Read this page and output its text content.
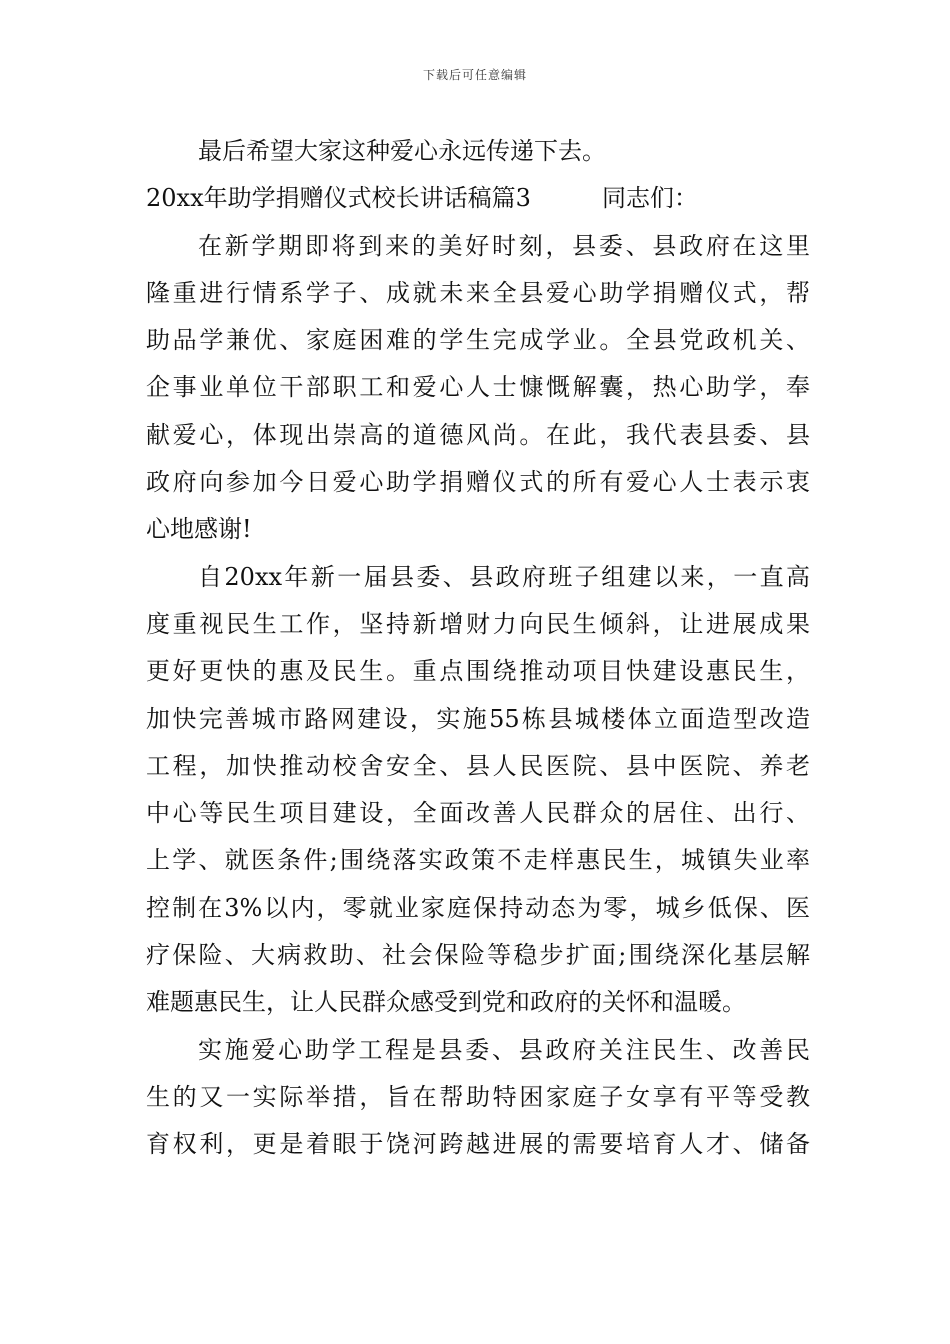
下载后可任意编辑
最后希望大家这种爱心永远传递下去。
20xx年助学捐赠仪式校长讲话稿篇3	同志们：
在新学期即将到来的美好时刻，县委、县政府在这里
隆重进行情系学子、成就未来全县爱心助学捐赠仪式，帮
助品学兼优、家庭困难的学生完成学业。全县党政机关、
企事业单位干部职工和爱心人士慷慨解囊，热心助学，奉
献爱心，体现出崇高的道德风尚。在此，我代表县委、县
政府向参加今日爱心助学捐赠仪式的所有爱心人士表示衷
心地感谢!
自20xx年新一届县委、县政府班子组建以来，一直高
度重视民生工作，坚持新增财力向民生倾斜，让进展成果
更好更快的惠及民生。重点围绕推动项目快建设惠民生，
加快完善城市路网建设，实施55栋县城楼体立面造型改造
工程，加快推动校舍安全、县人民医院、县中医院、养老
中心等民生项目建设，全面改善人民群众的居住、出行、
上学、就医条件;围绕落实政策不走样惠民生，城镇失业率
控制在3%以内，零就业家庭保持动态为零，城乡低保、医
疗保险、大病救助、社会保险等稳步扩面;围绕深化基层解
难题惠民生，让人民群众感受到党和政府的关怀和温暖。
实施爱心助学工程是县委、县政府关注民生、改善民
生的又一实际举措，旨在帮助特困家庭子女享有平等受教
育权利，更是着眼于饶河跨越进展的需要培育人才、储备
